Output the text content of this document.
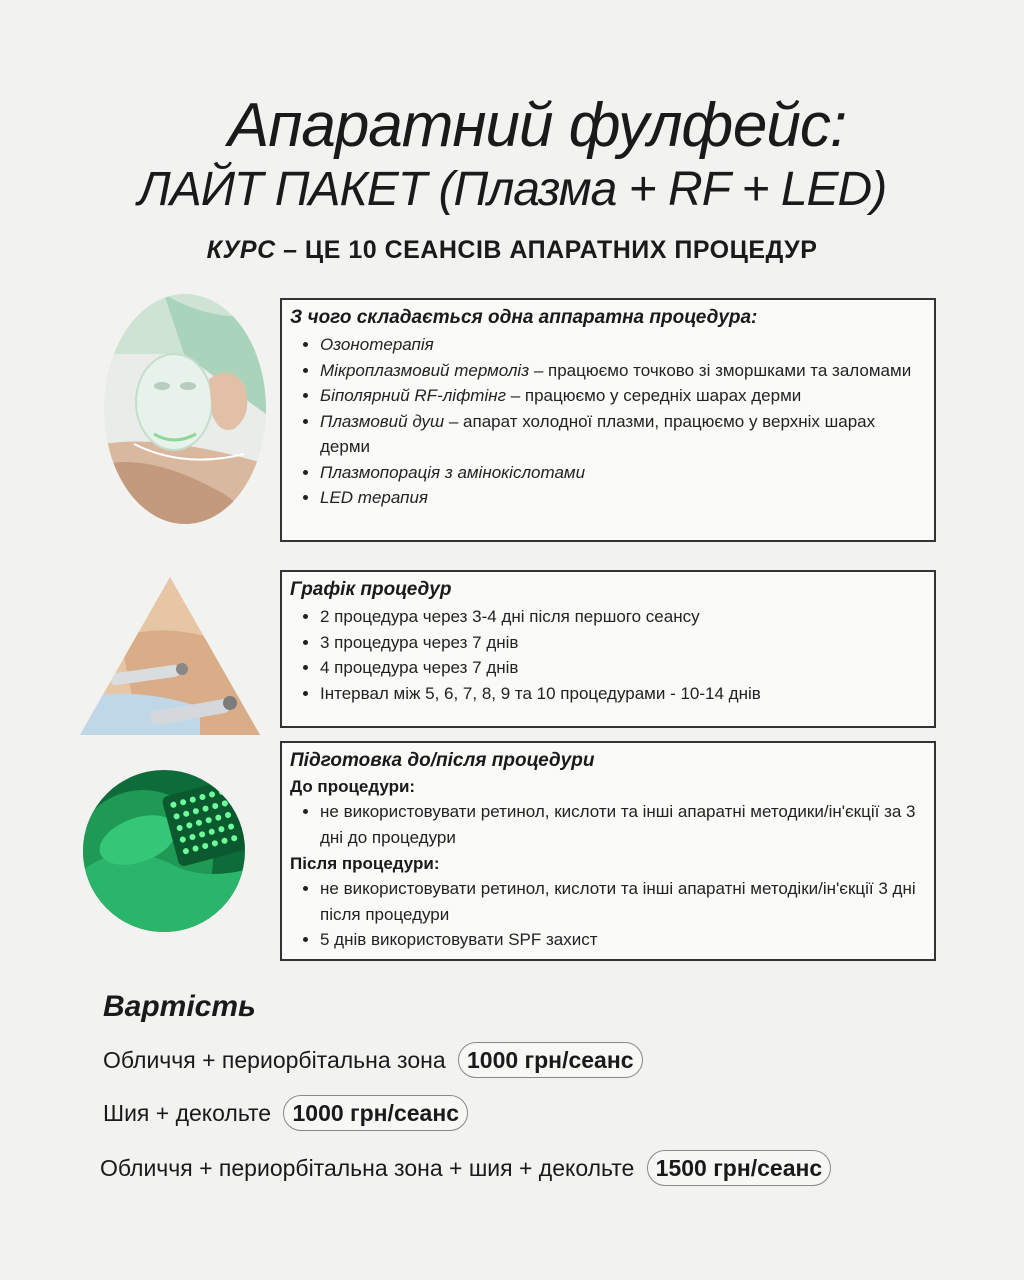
Апаратний фулфейс:
ЛАЙТ ПАКЕТ (Плазма + RF + LED)
КУРС – ЦЕ 10 СЕАНСІВ АПАРАТНИХ ПРОЦЕДУР
З чого складається одна аппаратна процедура:
• Озонотерапія
• Мікроплазмовий термоліз – працюємо точково зі зморшками та заломами
• Біполярний RF-ліфтінг – працюємо у середніх шарах дерми
• Плазмовий душ – апарат холодної плазми, працюємо у верхніх шарах дерми
• Плазмопорація з амінокіслотами
• LED терапия
Графік процедур
• 2 процедура через 3-4 дні після першого сеансу
• 3 процедура через 7 днів
• 4 процедура через 7 днів
• Інтервал між 5, 6, 7, 8, 9 та 10 процедурами - 10-14 днів
Підготовка до/після процедури
До процедури:
• не використовувати ретинол, кислоти та інші апаратні методики/ін'єкції за 3 дні до процедури
Після процедури:
• не використовувати ретинол, кислоти та інші апаратні методіки/ін'єкції 3 дні після процедури
• 5 днів використовувати SPF захист
Вартість
Обличчя + периорбітальна зона 1000 грн/сеанс
Шия + декольте 1000 грн/сеанс
Обличчя + периорбітальна зона + шия + декольте 1500 грн/сеанс
